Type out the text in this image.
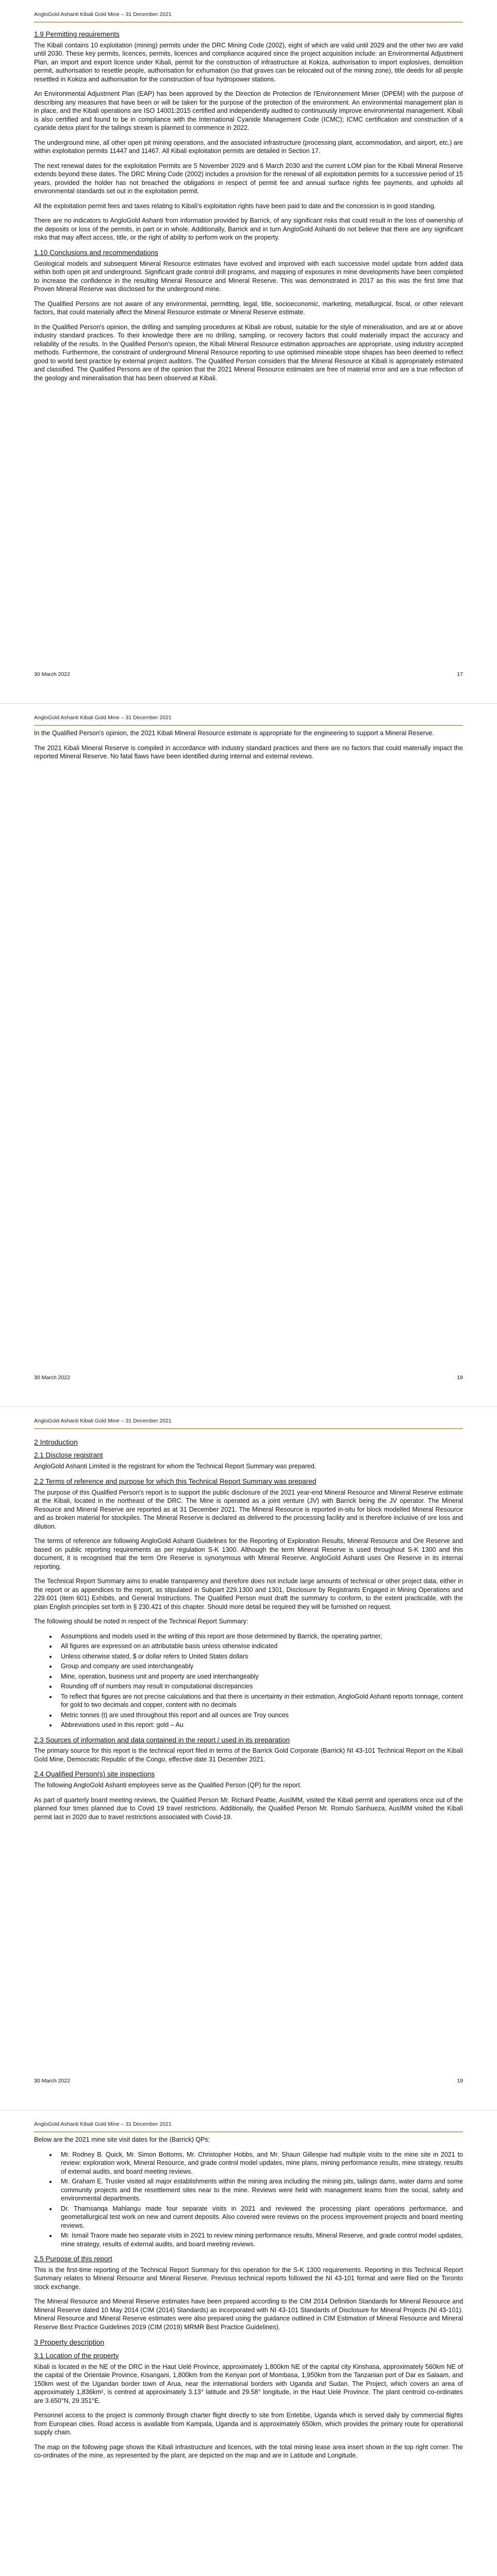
AngloGold Ashanti Kibali Gold Mine – 31 December 2021
1.9 Permitting requirements

The Kibali contains 10 exploitation (mining) permits under the DRC Mining Code (2002), eight of which are valid until 2029 and the other two are valid until 2030. These key permits, licences, permits, licences and compliance acquired since the project acquisition include: an Environmental Adjustment Plan, an import and export licence under Kibali, permit for the construction of infrastructure at Kokiza, authorisation to import explosives, demolition permit, authorisation to resettle people, authorisation for exhumation (so that graves can be relocated out of the mining zone), title deeds for all people resettled in Kokiza and authorisation for the construction of four hydropower stations.

An Environmental Adjustment Plan (EAP) has been approved by the Direction de Protection de l'Environnement Minier (DPEM) with the purpose of describing any measures that have been or will be taken for the purpose of the protection of the environment. An environmental management plan is in place, and the Kibali operations are ISO 14001:2015 certified and independently audited to continuously improve environmental management. Kibali is also certified and found to be in compliance with the International Cyanide Management Code (ICMC); ICMC certification and construction of a cyanide detox plant for the tailings stream is planned to commence in 2022.

The underground mine, all other open pit mining operations, and the associated infrastructure (processing plant, accommodation, and airport, etc.) are within exploitation permits 11447 and 11467. All Kibali exploitation permits are detailed in Section 17.

The next renewal dates for the exploitation Permits are 5 November 2029 and 6 March 2030 and the current LOM plan for the Kibali Mineral Reserve extends beyond these dates. The DRC Mining Code (2002) includes a provision for the renewal of all exploitation permits for a successive period of 15 years, provided the holder has not breached the obligations in respect of permit fee and annual surface rights fee payments, and upholds all environmental standards set out in the exploitation permit.

All the exploitation permit fees and taxes relating to Kibali's exploitation rights have been paid to date and the concession is in good standing.

There are no indicators to AngloGold Ashanti from information provided by Barrick, of any significant risks that could result in the loss of ownership of the deposits or loss of the permits, in part or in whole. Additionally, Barrick and in turn AngloGold Ashanti do not believe that there are any significant risks that may affect access, title, or the right of ability to perform work on the property.

1.10 Conclusions and recommendations

Geological models and subsequent Mineral Resource estimates have evolved and improved with each successive model update from added data within both open pit and underground. Significant grade control drill programs, and mapping of exposures in mine developments have been completed to increase the confidence in the resulting Mineral Resource and Mineral Reserve. This was demonstrated in 2017 as this was the first time that Proven Mineral Reserve was disclosed for the underground mine.

The Qualified Persons are not aware of any environmental, permitting, legal, title, socioeconomic, marketing, metallurgical, fiscal, or other relevant factors, that could materially affect the Mineral Resource estimate or Mineral Reserve estimate.

In the Qualified Person's opinion, the drilling and sampling procedures at Kibali are robust, suitable for the style of mineralisation, and are at or above industry standard practices. To their knowledge there are no drilling, sampling, or recovery factors that could materially impact the accuracy and reliability of the results. In the Qualified Person's opinion, the Kibali Mineral Resource estimation approaches are appropriate, using industry accepted methods. Furthermore, the constraint of underground Mineral Resource reporting to use optimised mineable stope shapes has been deemed to reflect good to world best practice by external project auditors. The Qualified Person considers that the Mineral Resource at Kibali is appropriately estimated and classified. The Qualified Persons are of the opinion that the 2021 Mineral Resource estimates are free of material error and are a true reflection of the geology and mineralisation that has been observed at Kibali.

30 March 2022	17
AngloGold Ashanti Kibali Gold Mine – 31 December 2021

In the Qualified Person's opinion, the 2021 Kibali Mineral Resource estimate is appropriate for the engineering to support a Mineral Reserve.

The 2021 Kibali Mineral Reserve is compiled in accordance with industry standard practices and there are no factors that could materially impact the reported Mineral Reserve. No fatal flaws have been identified during internal and external reviews.

30 March 2022	18
AngloGold Ashanti Kibali Gold Mine – 31 December 2021
2 Introduction
2.1 Disclose registrant

AngloGold Ashanti Limited is the registrant for whom the Technical Report Summary was prepared.

2.2 Terms of reference and purpose for which this Technical Report Summary was prepared

The purpose of this Qualified Person's report is to support the public disclosure of the 2021 year-end Mineral Resource and Mineral Reserve estimate at the Kibali, located in the northeast of the DRC. The Mine is operated as a joint venture (JV) with Barrick being the JV operator. The Mineral Resource and Mineral Reserve are reported as at 31 December 2021. The Mineral Resource is reported in-situ for block modelled Mineral Resource and as broken material for stockpiles. The Mineral Reserve is declared as delivered to the processing facility and is therefore inclusive of ore loss and dilution.

The terms of reference are following AngloGold Ashanti Guidelines for the Reporting of Exploration Results, Mineral Resource and Ore Reserve and based on public reporting requirements as per regulation S-K 1300. Although the term Mineral Reserve is used throughout S-K 1300 and this document, it is recognised that the term Ore Reserve is synonymous with Mineral Reserve. AngloGold Ashanti uses Ore Reserve in its internal reporting.

The Technical Report Summary aims to enable transparency and therefore does not include large amounts of technical or other project data, either in the report or as appendices to the report, as stipulated in Subpart 229.1300 and 1301, Disclosure by Registrants Engaged in Mining Operations and 229.601 (item 601) Exhibits, and General Instructions. The Qualified Person must draft the summary to conform, to the extent practicable, with the plain English principles set forth in § 230.421 of this chapter. Should more detail be required they will be furnished on request.

The following should be noted in respect of the Technical Report Summary:

• Assumptions and models used in the writing of this report are those determined by Barrick, the operating partner,
• All figures are expressed on an attributable basis unless otherwise indicated
• Unless otherwise stated, $ or dollar refers to United States dollars
• Group and company are used interchangeably
• Mine, operation, business unit and property are used interchangeably
• Rounding off of numbers may result in computational discrepancies
• To reflect that figures are not precise calculations and that there is uncertainty in their estimation, AngloGold Ashanti reports tonnage, content for gold to two decimals and copper, content with no decimals
• Metric tonnes (t) are used throughout this report and all ounces are Troy ounces
• Abbreviations used in this report: gold – Au
2.3 Sources of information and data contained in the report / used in its preparation

The primary source for this report is the technical report filed in terms of the Barrick Gold Corporate (Barrick) NI 43-101 Technical Report on the Kibali Gold Mine, Democratic Republic of the Congo, effective date 31 December 2021.

2.4 Qualified Person(s) site inspections

The following AngloGold Ashanti employees serve as the Qualified Person (QP) for the report.

As part of quarterly board meeting reviews, the Qualified Person Mr. Richard Peattie, AusIMM, visited the Kibali permit and operations once out of the planned four times planned due to Covid 19 travel restrictions. Additionally, the Qualified Person Mr. Romulo Sanhueza, AusIMM visited the Kibali permit last in 2020 due to travel restrictions associated with Covid-19.

30 March 2022	19
AngloGold Ashanti Kibali Gold Mine – 31 December 2021

Below are the 2021 mine site visit dates for the (Barrick) QPs:

• Mr. Rodney B. Quick, Mr. Simon Bottoms, Mr. Christopher Hobbs, and Mr. Shaun Gillespie had multiple visits to the mine site in 2021 to review: exploration work, Mineral Resource, and grade control model updates, mine plans, mining performance results, mine strategy, results of external audits, and board meeting reviews.
• Mr. Graham E. Trusler visited all major establishments within the mining area including the mining pits, tailings dams, water dams and some community projects and the resettlement sites near to the mine. Reviews were held with management teams from the social, safety and environmental departments.
• Dr. Thamsanqa Mahlangu made four separate visits in 2021 and reviewed the processing plant operations performance, and geometallurgical test work on new and current deposits. Also covered were reviews on the process improvement projects and board meeting reviews.
• Mr. Ismail Traore made two separate visits in 2021 to review mining performance results, Mineral Reserve, and grade control model updates, mine strategy, results of external audits, and board meeting reviews.
2.5 Purpose of this report

This is the first-time reporting of the Technical Report Summary for this operation for the S-K 1300 requirements. Reporting in this Technical Report Summary relates to Mineral Resource and Mineral Reserve. Previous technical reports followed the NI 43-101 format and were filed on the Toronto stock exchange.

The Mineral Resource and Mineral Reserve estimates have been prepared according to the CIM 2014 Definition Standards for Mineral Resource and Mineral Reserve dated 10 May 2014 (CIM (2014) Standards) as incorporated with NI 43-101 Standards of Disclosure for Mineral Projects (NI 43-101). Mineral Resource and Mineral Reserve estimates were also prepared using the guidance outlined in CIM Estimation of Mineral Resource and Mineral Reserve Best Practice Guidelines 2019 (CIM (2019) MRMR Best Practice Guidelines).

3 Property description
3.1 Location of the property

Kibali is located in the NE of the DRC in the Haut Uelé Province, approximately 1,800km NE of the capital city Kinshasa, approximately 560km NE of the capital of the Orientale Province, Kisangani, 1,800km from the Kenyan port of Mombasa, 1,950km from the Tanzanian port of Dar es Salaam, and 150km west of the Ugandan border town of Arua, near the international borders with Uganda and Sudan. The Project, which covers an area of approximately 1,836km², is centred at approximately 3.13° latitude and 29.58° longitude, in the Haut Uelé Province. The plant centroid co-ordinates are 3.650°N, 29.351°E.

Personnel access to the project is commonly through charter flight directly to site from Entebbe, Uganda which is served daily by commercial flights from European cities. Road access is available from Kampala, Uganda and is approximately 650km, which provides the primary route for operational supply chain.

The map on the following page shows the Kibali infrastructure and licences, with the total mining lease area insert shown in the top right corner. The co-ordinates of the mine, as represented by the plant, are depicted on the map and are in Latitude and Longitude.
